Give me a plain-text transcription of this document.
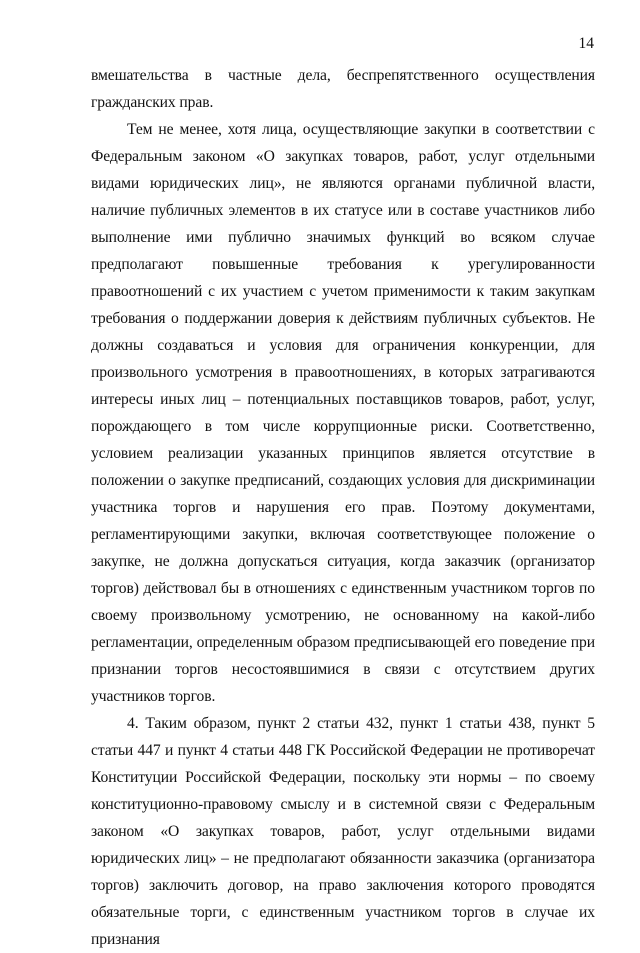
14

вмешательства в частные дела, беспрепятственного осуществления гражданских прав.

Тем не менее, хотя лица, осуществляющие закупки в соответствии с Федеральным законом «О закупках товаров, работ, услуг отдельными видами юридических лиц», не являются органами публичной власти, наличие публичных элементов в их статусе или в составе участников либо выполнение ими публично значимых функций во всяком случае предполагают повышенные требования к урегулированности правоотношений с их участием с учетом применимости к таким закупкам требования о поддержании доверия к действиям публичных субъектов. Не должны создаваться и условия для ограничения конкуренции, для произвольного усмотрения в правоотношениях, в которых затрагиваются интересы иных лиц – потенциальных поставщиков товаров, работ, услуг, порождающего в том числе коррупционные риски. Соответственно, условием реализации указанных принципов является отсутствие в положении о закупке предписаний, создающих условия для дискриминации участника торгов и нарушения его прав. Поэтому документами, регламентирующими закупки, включая соответствующее положение о закупке, не должна допускаться ситуация, когда заказчик (организатор торгов) действовал бы в отношениях с единственным участником торгов по своему произвольному усмотрению, не основанному на какой-либо регламентации, определенным образом предписывающей его поведение при признании торгов несостоявшимися в связи с отсутствием других участников торгов.

4. Таким образом, пункт 2 статьи 432, пункт 1 статьи 438, пункт 5 статьи 447 и пункт 4 статьи 448 ГК Российской Федерации не противоречат Конституции Российской Федерации, поскольку эти нормы – по своему конституционно-правовому смыслу и в системной связи с Федеральным законом «О закупках товаров, работ, услуг отдельными видами юридических лиц» – не предполагают обязанности заказчика (организатора торгов) заключить договор, на право заключения которого проводятся обязательные торги, с единственным участником торгов в случае их признания
